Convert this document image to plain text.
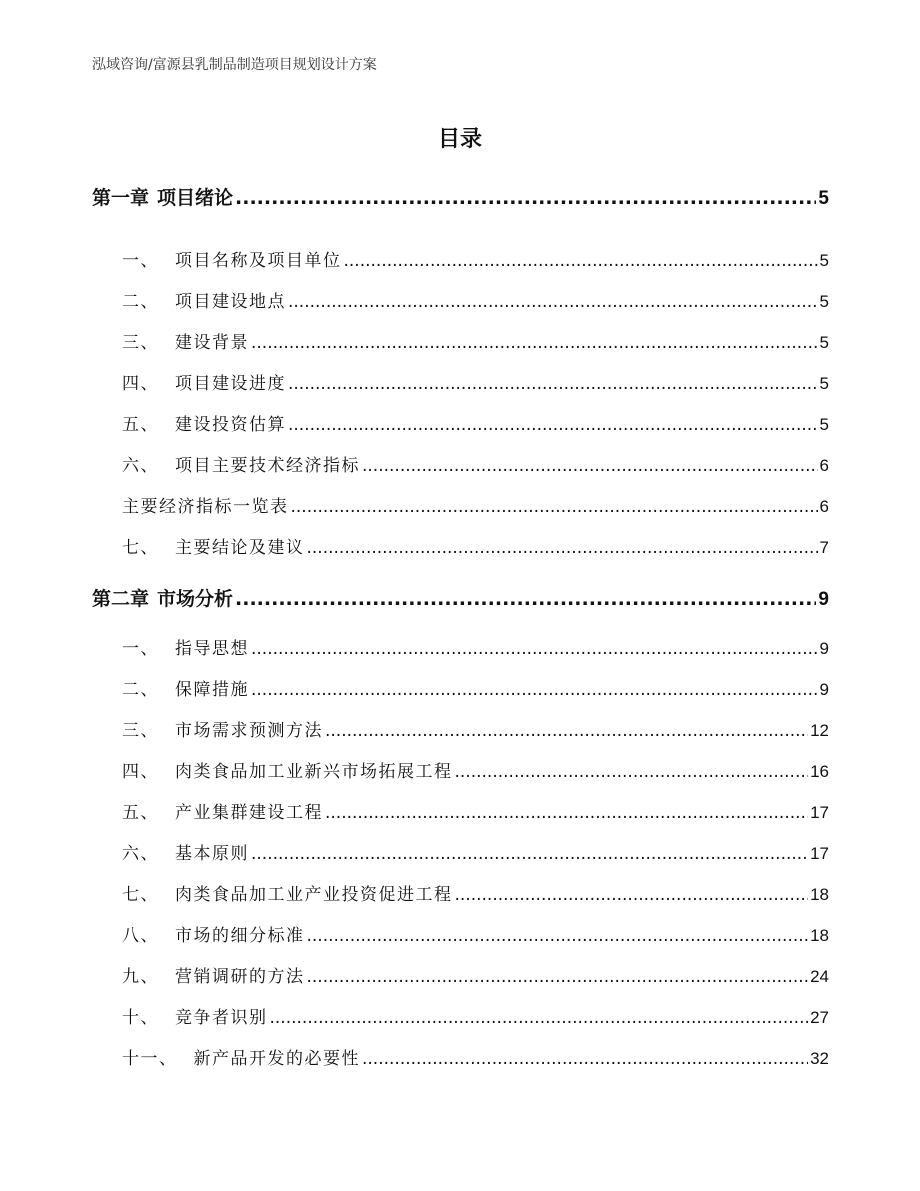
泓域咨询/富源县乳制品制造项目规划设计方案
目录
第一章 项目绪论 .....	5
一、 项目名称及项目单位 .....	5
二、 项目建设地点 .....	5
三、 建设背景 .....	5
四、 项目建设进度 .....	5
五、 建设投资估算 .....	5
六、 项目主要技术经济指标 .....	6
主要经济指标一览表 .....	6
七、 主要结论及建议 .....	7
第二章 市场分析 .....	9
一、 指导思想 .....	9
二、 保障措施 .....	9
三、 市场需求预测方法 .....	12
四、 肉类食品加工业新兴市场拓展工程 .....	16
五、 产业集群建设工程 .....	17
六、 基本原则 .....	17
七、 肉类食品加工业产业投资促进工程 .....	18
八、 市场的细分标准 .....	18
九、 营销调研的方法 .....	24
十、 竞争者识别 .....	27
十一、 新产品开发的必要性 .....	32
